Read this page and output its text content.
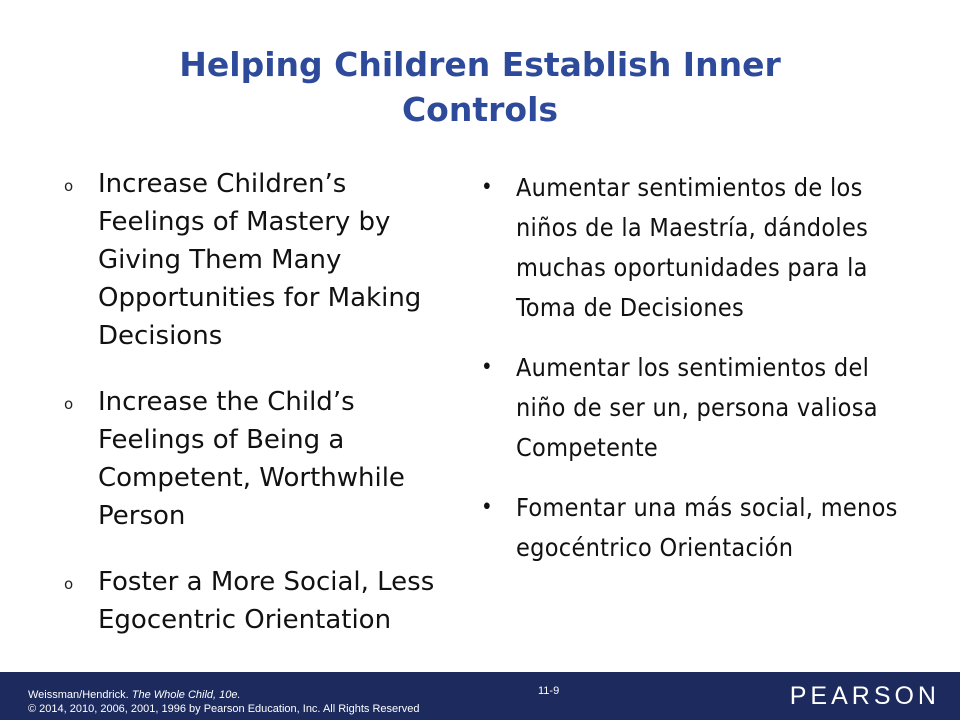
Helping Children Establish Inner Controls
o Increase Children’s Feelings of Mastery by Giving Them Many Opportunities for Making Decisions
o Increase the Child’s Feelings of Being a Competent, Worthwhile Person
o Foster a More Social, Less Egocentric Orientation
• Aumentar sentimientos de los niños de la Maestría, dándoles muchas oportunidades para la Toma de Decisiones
• Aumentar los sentimientos del niño de ser un, persona valiosa Competente
• Fomentar una más social, menos egocéntrico Orientación
Weissman/Hendrick. The Whole Child, 10e.
© 2014, 2010, 2006, 2001, 1996 by Pearson Education, Inc. All Rights Reserved
11-9	PEARSON
